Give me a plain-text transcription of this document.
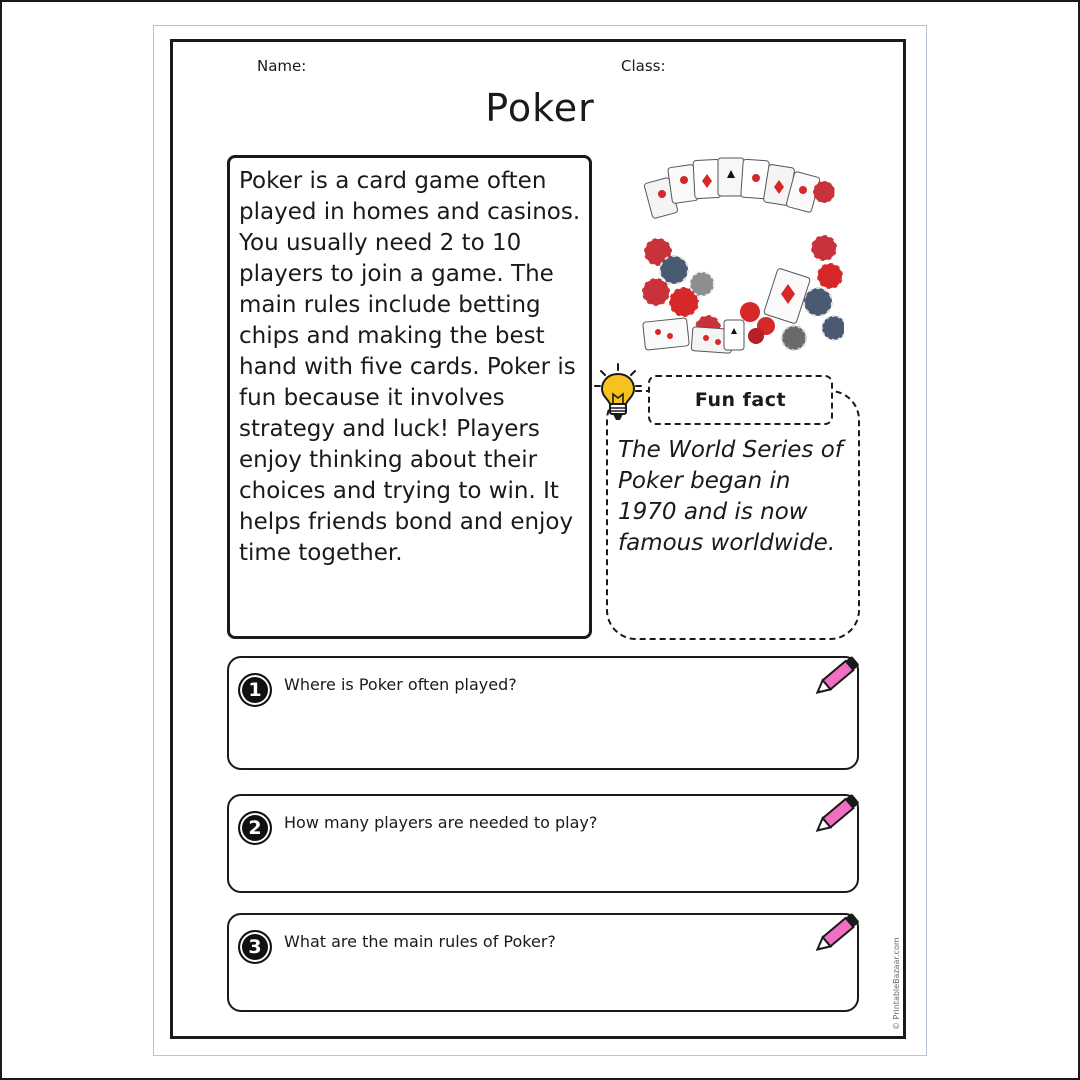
Name:	Class:
Poker
Poker is a card game often played in homes and casinos. You usually need 2 to 10 players to join a game. The main rules include betting chips and making the best hand with five cards. Poker is fun because it involves strategy and luck! Players enjoy thinking about their choices and trying to win. It helps friends bond and enjoy time together.
Fun fact
The World Series of Poker began in 1970 and is now famous worldwide.
1	Where is Poker often played?
2	How many players are needed to play?
3	What are the main rules of Poker?	© PrintableBazaar.com
